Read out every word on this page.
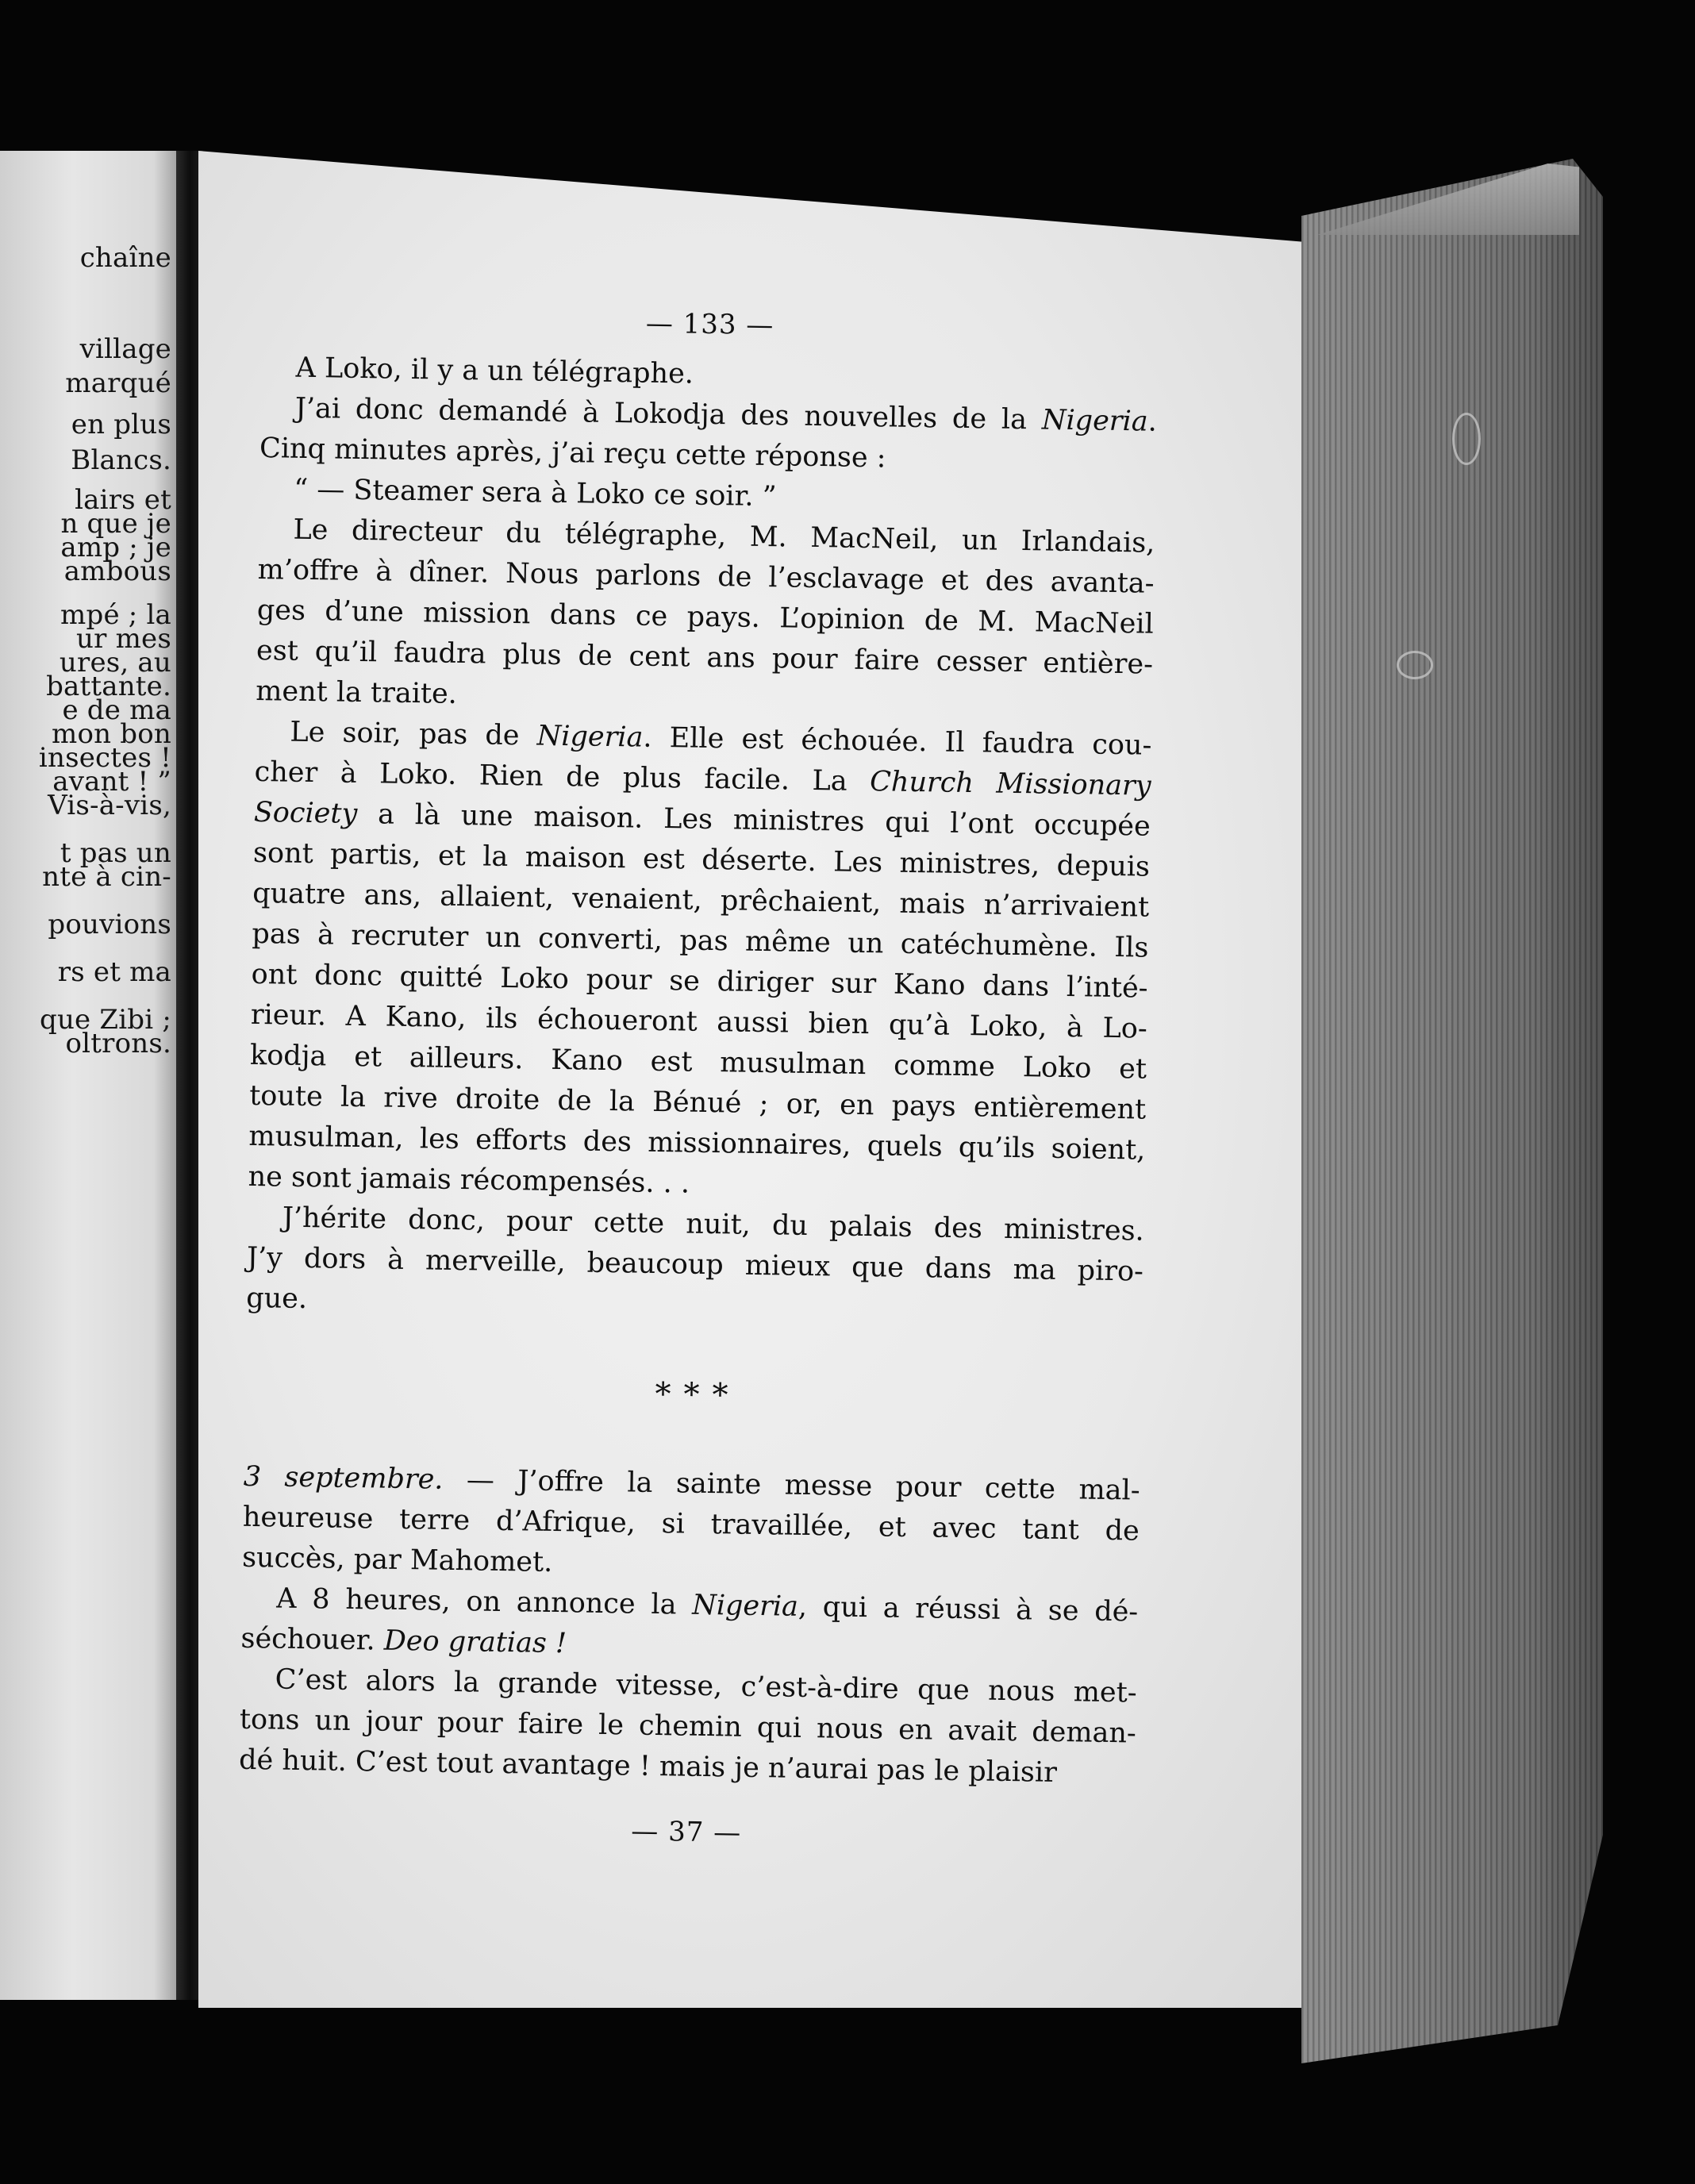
chaîne
village
marqué
en plus
Blancs.
lairs et
n que je
amp ; je
ambous
mpé ; la
ur mes
ures, au
battante.
e de ma
mon bon
insectes !
avant ! ”
Vis-à-vis,
t pas un
nte à cin-
pouvions
rs et ma
que Zibi ;
oltrons.
— 133 —

A Loko, il y a un télégraphe.

J’ai donc demandé à Lokodja des nouvelles de la Nigeria.
Cinq minutes après, j’ai reçu cette réponse :

“ — Steamer sera à Loko ce soir. ”

Le directeur du télégraphe, M. MacNeil, un Irlandais,
m’offre à dîner. Nous parlons de l’esclavage et des avanta-
ges d’une mission dans ce pays. L’opinion de M. MacNeil
est qu’il faudra plus de cent ans pour faire cesser entière-
ment la traite.

Le soir, pas de Nigeria. Elle est échouée. Il faudra cou-
cher à Loko. Rien de plus facile. La Church Missionary
Society a là une maison. Les ministres qui l’ont occupée
sont partis, et la maison est déserte. Les ministres, depuis
quatre ans, allaient, venaient, prêchaient, mais n’arrivaient
pas à recruter un converti, pas même un catéchumène. Ils
ont donc quitté Loko pour se diriger sur Kano dans l’inté-
rieur. A Kano, ils échoueront aussi bien qu’à Loko, à Lo-
kodja et ailleurs. Kano est musulman comme Loko et
toute la rive droite de la Bénué ; or, en pays entièrement
musulman, les efforts des missionnaires, quels qu’ils soient,
ne sont jamais récompensés. . .

J’hérite donc, pour cette nuit, du palais des ministres.
J’y dors à merveille, beaucoup mieux que dans ma piro-
gue.

* * *

3 septembre. — J’offre la sainte messe pour cette mal-
heureuse terre d’Afrique, si travaillée, et avec tant de
succès, par Mahomet.

A 8 heures, on annonce la Nigeria, qui a réussi à se dé-
séchouer. Deo gratias !

C’est alors la grande vitesse, c’est-à-dire que nous met-
tons un jour pour faire le chemin qui nous en avait deman-
dé huit. C’est tout avantage ! mais je n’aurai pas le plaisir

— 37 —
